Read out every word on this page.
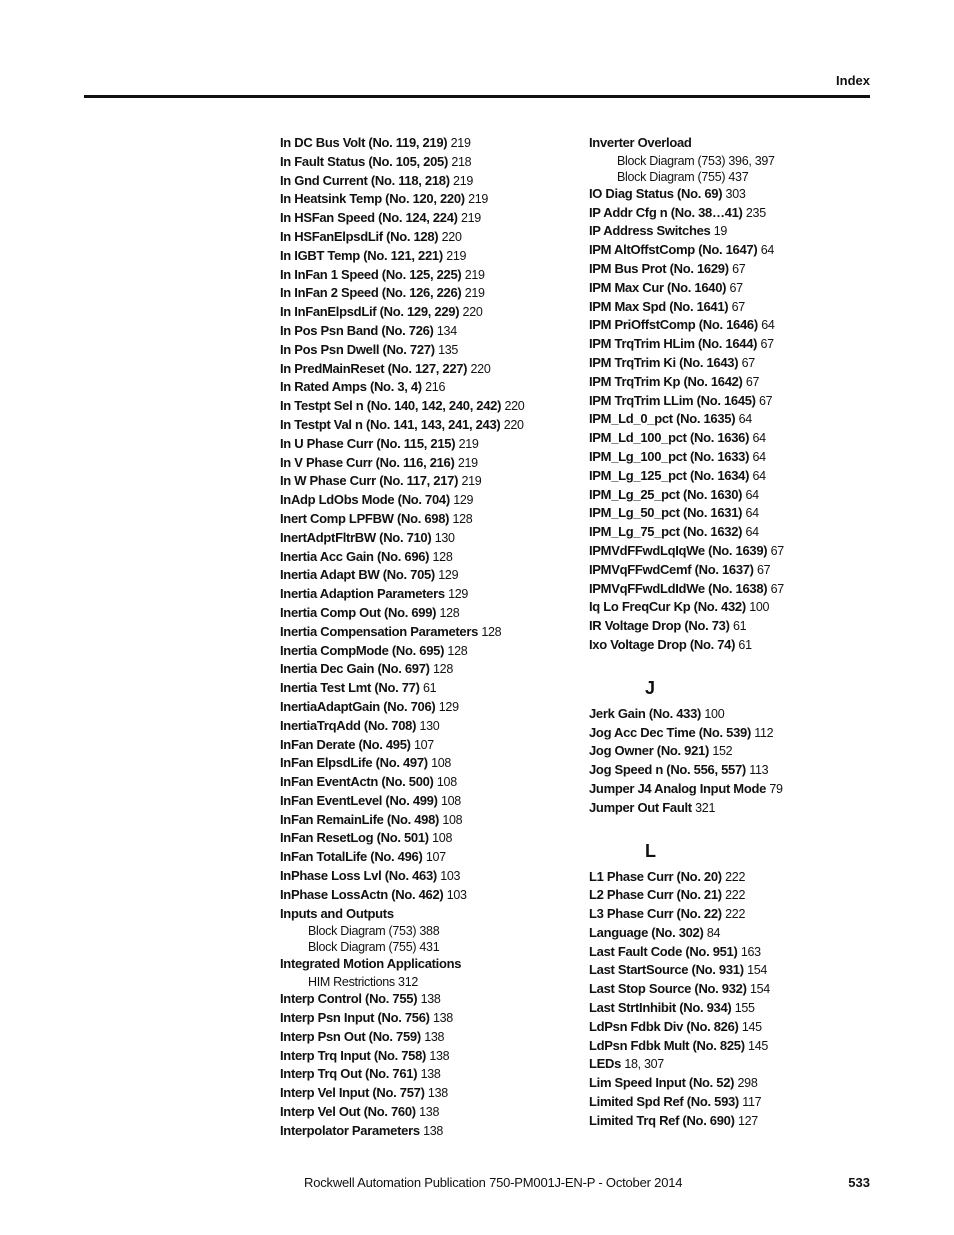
Index
In DC Bus Volt (No. 119, 219) 219
In Fault Status (No. 105, 205) 218
In Gnd Current (No. 118, 218) 219
In Heatsink Temp (No. 120, 220) 219
In HSFan Speed (No. 124, 224) 219
In HSFanElpsdLif (No. 128) 220
In IGBT Temp (No. 121, 221) 219
In InFan 1 Speed (No. 125, 225) 219
In InFan 2 Speed (No. 126, 226) 219
In InFanElpsdLif (No. 129, 229) 220
In Pos Psn Band (No. 726) 134
In Pos Psn Dwell (No. 727) 135
In PredMainReset (No. 127, 227) 220
In Rated Amps (No. 3, 4) 216
In Testpt Sel n (No. 140, 142, 240, 242) 220
In Testpt Val n (No. 141, 143, 241, 243) 220
In U Phase Curr (No. 115, 215) 219
In V Phase Curr (No. 116, 216) 219
In W Phase Curr (No. 117, 217) 219
InAdp LdObs Mode (No. 704) 129
Inert Comp LPFBW (No. 698) 128
InertAdptFltrBW (No. 710) 130
Inertia Acc Gain (No. 696) 128
Inertia Adapt BW (No. 705) 129
Inertia Adaption Parameters 129
Inertia Comp Out (No. 699) 128
Inertia Compensation Parameters 128
Inertia CompMode (No. 695) 128
Inertia Dec Gain (No. 697) 128
Inertia Test Lmt (No. 77) 61
InertiaAdaptGain (No. 706) 129
InertiaTrqAdd (No. 708) 130
InFan Derate (No. 495) 107
InFan ElpsdLife (No. 497) 108
InFan EventActn (No. 500) 108
InFan EventLevel (No. 499) 108
InFan RemainLife (No. 498) 108
InFan ResetLog (No. 501) 108
InFan TotalLife (No. 496) 107
InPhase Loss Lvl (No. 463) 103
InPhase LossActn (No. 462) 103
Inputs and Outputs
Block Diagram (753) 388
Block Diagram (755) 431
Integrated Motion Applications
HIM Restrictions 312
Interp Control (No. 755) 138
Interp Psn Input (No. 756) 138
Interp Psn Out (No. 759) 138
Interp Trq Input (No. 758) 138
Interp Trq Out (No. 761) 138
Interp Vel Input (No. 757) 138
Interp Vel Out (No. 760) 138
Interpolator Parameters 138
Inverter Overload
Block Diagram (753) 396, 397
Block Diagram (755) 437
IO Diag Status (No. 69) 303
IP Addr Cfg n (No. 38…41) 235
IP Address Switches 19
IPM AltOffstComp (No. 1647) 64
IPM Bus Prot (No. 1629) 67
IPM Max Cur (No. 1640) 67
IPM Max Spd (No. 1641) 67
IPM PriOffstComp (No. 1646) 64
IPM TrqTrim HLim (No. 1644) 67
IPM TrqTrim Ki (No. 1643) 67
IPM TrqTrim Kp (No. 1642) 67
IPM TrqTrim LLim (No. 1645) 67
IPM_Ld_0_pct (No. 1635) 64
IPM_Ld_100_pct (No. 1636) 64
IPM_Lg_100_pct (No. 1633) 64
IPM_Lg_125_pct (No. 1634) 64
IPM_Lg_25_pct (No. 1630) 64
IPM_Lg_50_pct (No. 1631) 64
IPM_Lg_75_pct (No. 1632) 64
IPMVdFFwdLqIqWe (No. 1639) 67
IPMVqFFwdCemf (No. 1637) 67
IPMVqFFwdLdIdWe (No. 1638) 67
Iq Lo FreqCur Kp (No. 432) 100
IR Voltage Drop (No. 73) 61
Ixo Voltage Drop (No. 74) 61
J
Jerk Gain (No. 433) 100
Jog Acc Dec Time (No. 539) 112
Jog Owner (No. 921) 152
Jog Speed n (No. 556, 557) 113
Jumper J4 Analog Input Mode 79
Jumper Out Fault 321
L
L1 Phase Curr (No. 20) 222
L2 Phase Curr (No. 21) 222
L3 Phase Curr (No. 22) 222
Language (No. 302) 84
Last Fault Code (No. 951) 163
Last StartSource (No. 931) 154
Last Stop Source (No. 932) 154
Last StrtInhibit (No. 934) 155
LdPsn Fdbk Div (No. 826) 145
LdPsn Fdbk Mult (No. 825) 145
LEDs 18, 307
Lim Speed Input (No. 52) 298
Limited Spd Ref (No. 593) 117
Limited Trq Ref (No. 690) 127
Rockwell Automation Publication 750-PM001J-EN-P - October 2014	533
